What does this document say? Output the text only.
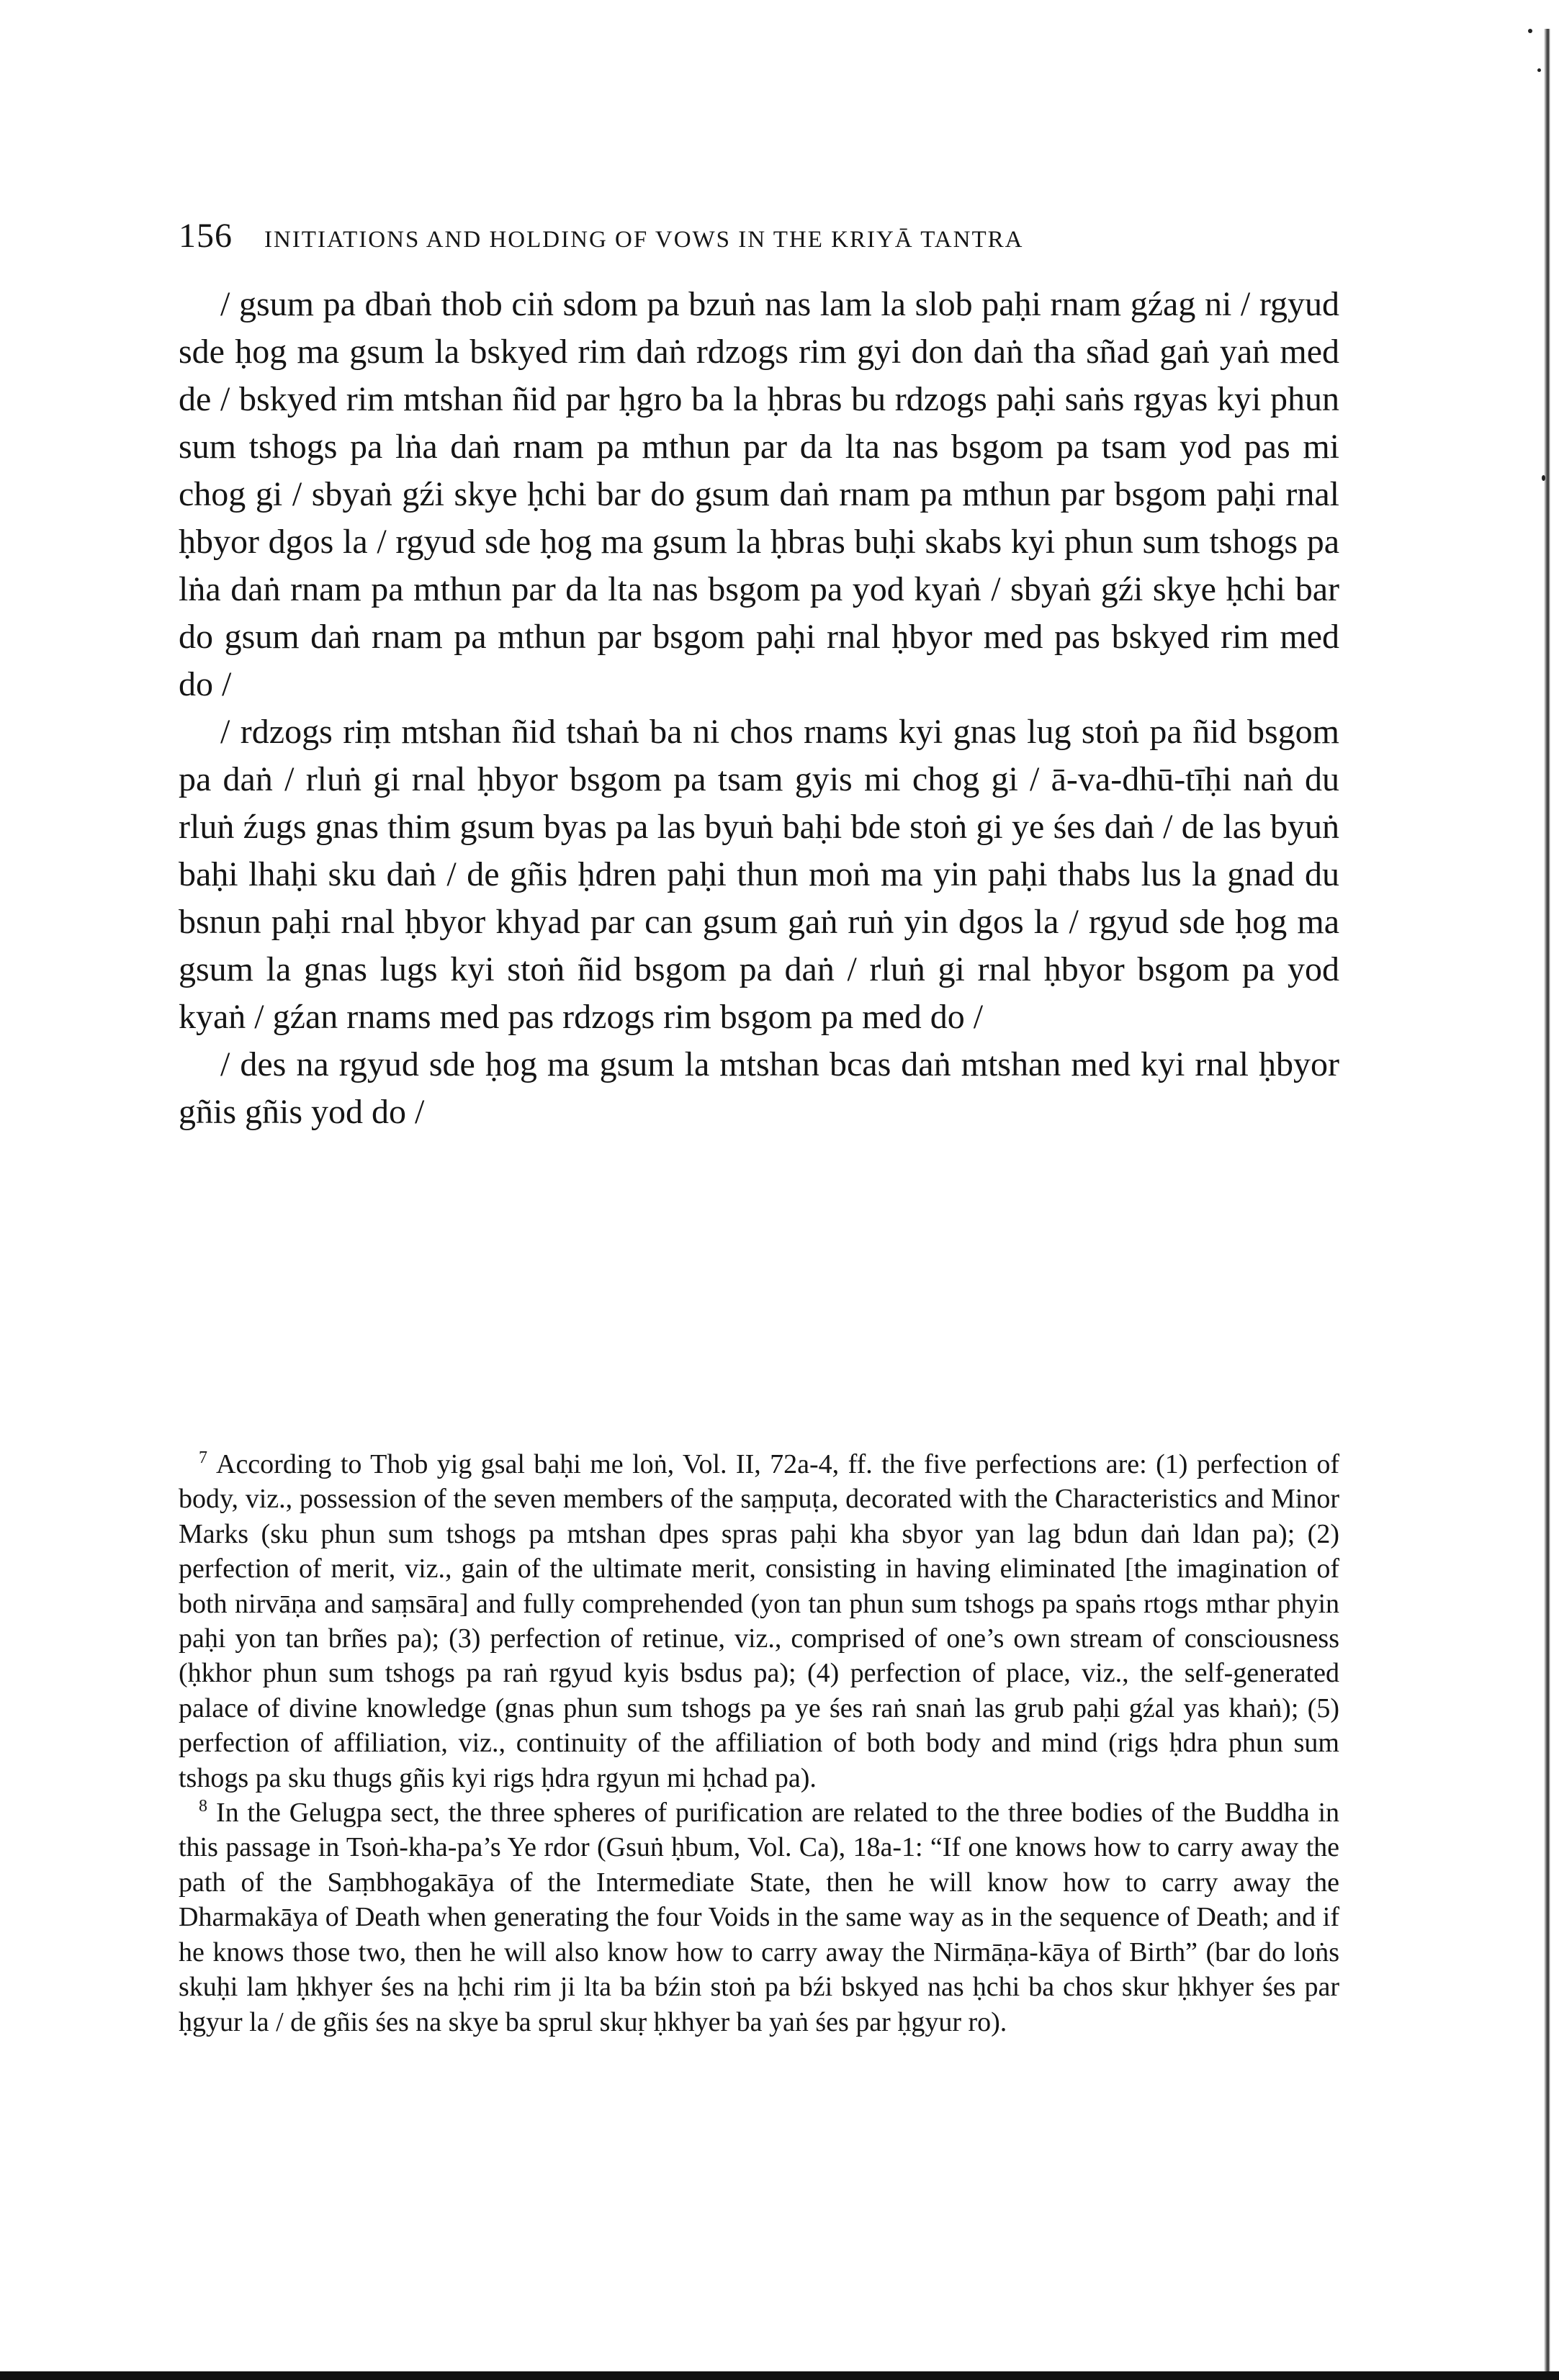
156 INITIATIONS AND HOLDING OF VOWS IN THE KRIYĀ TANTRA

/ gsum pa dbaṅ thob ciṅ sdom pa bzuṅ nas lam la slob paḥi rnam gźag ni / rgyud sde ḥog ma gsum la bskyed rim daṅ rdzogs rim gyi don daṅ tha sñad gaṅ yaṅ med de / bskyed rim mtshan ñid par ḥgro ba la ḥbras bu rdzogs paḥi saṅs rgyas kyi phun sum tshogs pa lṅa daṅ rnam pa mthun par da lta nas bsgom pa tsam yod pas mi chog gi / sbyaṅ gźi skye ḥchi bar do gsum daṅ rnam pa mthun par bsgom paḥi rnal ḥbyor dgos la / rgyud sde ḥog ma gsum la ḥbras buḥi skabs kyi phun sum tshogs pa lṅa daṅ rnam pa mthun par da lta nas bsgom pa yod kyaṅ / sbyaṅ gźi skye ḥchi bar do gsum daṅ rnam pa mthun par bsgom paḥi rnal ḥbyor med pas bskyed rim med do /

/ rdzogs riṃ mtshan ñid tshaṅ ba ni chos rnams kyi gnas lug stoṅ pa ñid bsgom pa daṅ / rluṅ gi rnal ḥbyor bsgom pa tsam gyis mi chog gi / ā-va-dhū-tīḥi naṅ du rluṅ źugs gnas thim gsum byas pa las byuṅ baḥi bde stoṅ gi ye śes daṅ / de las byuṅ baḥi lhaḥi sku daṅ / de gñis ḥdren paḥi thun moṅ ma yin paḥi thabs lus la gnad du bsnun paḥi rnal ḥbyor khyad par can gsum gaṅ ruṅ yin dgos la / rgyud sde ḥog ma gsum la gnas lugs kyi stoṅ ñid bsgom pa daṅ / rluṅ gi rnal ḥbyor bsgom pa yod kyaṅ / gźan rnams med pas rdzogs rim bsgom pa med do /

/ des na rgyud sde ḥog ma gsum la mtshan bcas daṅ mtshan med kyi rnal ḥbyor gñis gñis yod do /

$^7$ According to Thob yig gsal baḥi me loṅ, Vol. II, 72a-4, ff. the five perfections are: (1) perfection of body, viz., possession of the seven members of the saṃpuṭa, decorated with the Characteristics and Minor Marks (sku phun sum tshogs pa mtshan dpes spras paḥi kha sbyor yan lag bdun daṅ ldan pa); (2) perfection of merit, viz., gain of the ultimate merit, consisting in having eliminated [the imagination of both nirvāṇa and saṃsāra] and fully comprehended (yon tan phun sum tshogs pa spaṅs rtogs mthar phyin paḥi yon tan brñes pa); (3) perfection of retinue, viz., comprised of one’s own stream of consciousness (ḥkhor phun sum tshogs pa raṅ rgyud kyis bsdus pa); (4) perfection of place, viz., the self-generated palace of divine knowledge (gnas phun sum tshogs pa ye śes raṅ snaṅ las grub paḥi gźal yas khaṅ); (5) perfection of affiliation, viz., continuity of the affiliation of both body and mind (rigs ḥdra phun sum tshogs pa sku thugs gñis kyi rigs ḥdra rgyun mi ḥchad pa).

$^8$ In the Gelugpa sect, the three spheres of purification are related to the three bodies of the Buddha in this passage in Tsoṅ-kha-pa’s Ye rdor (Gsuṅ ḥbum, Vol. Ca), 18a-1: “If one knows how to carry away the path of the Saṃbhogakāya of the Intermediate State, then he will know how to carry away the Dharmakāya of Death when generating the four Voids in the same way as in the sequence of Death; and if he knows those two, then he will also know how to carry away the Nirmāṇa-kāya of Birth” (bar do loṅs skuḥi lam ḥkhyer śes na ḥchi rim ji lta ba bźin stoṅ pa bźi bskyed nas ḥchi ba chos skur ḥkhyer śes par ḥgyur la / de gñis śes na skye ba sprul skuṛ ḥkhyer ba yaṅ śes par ḥgyur ro).
